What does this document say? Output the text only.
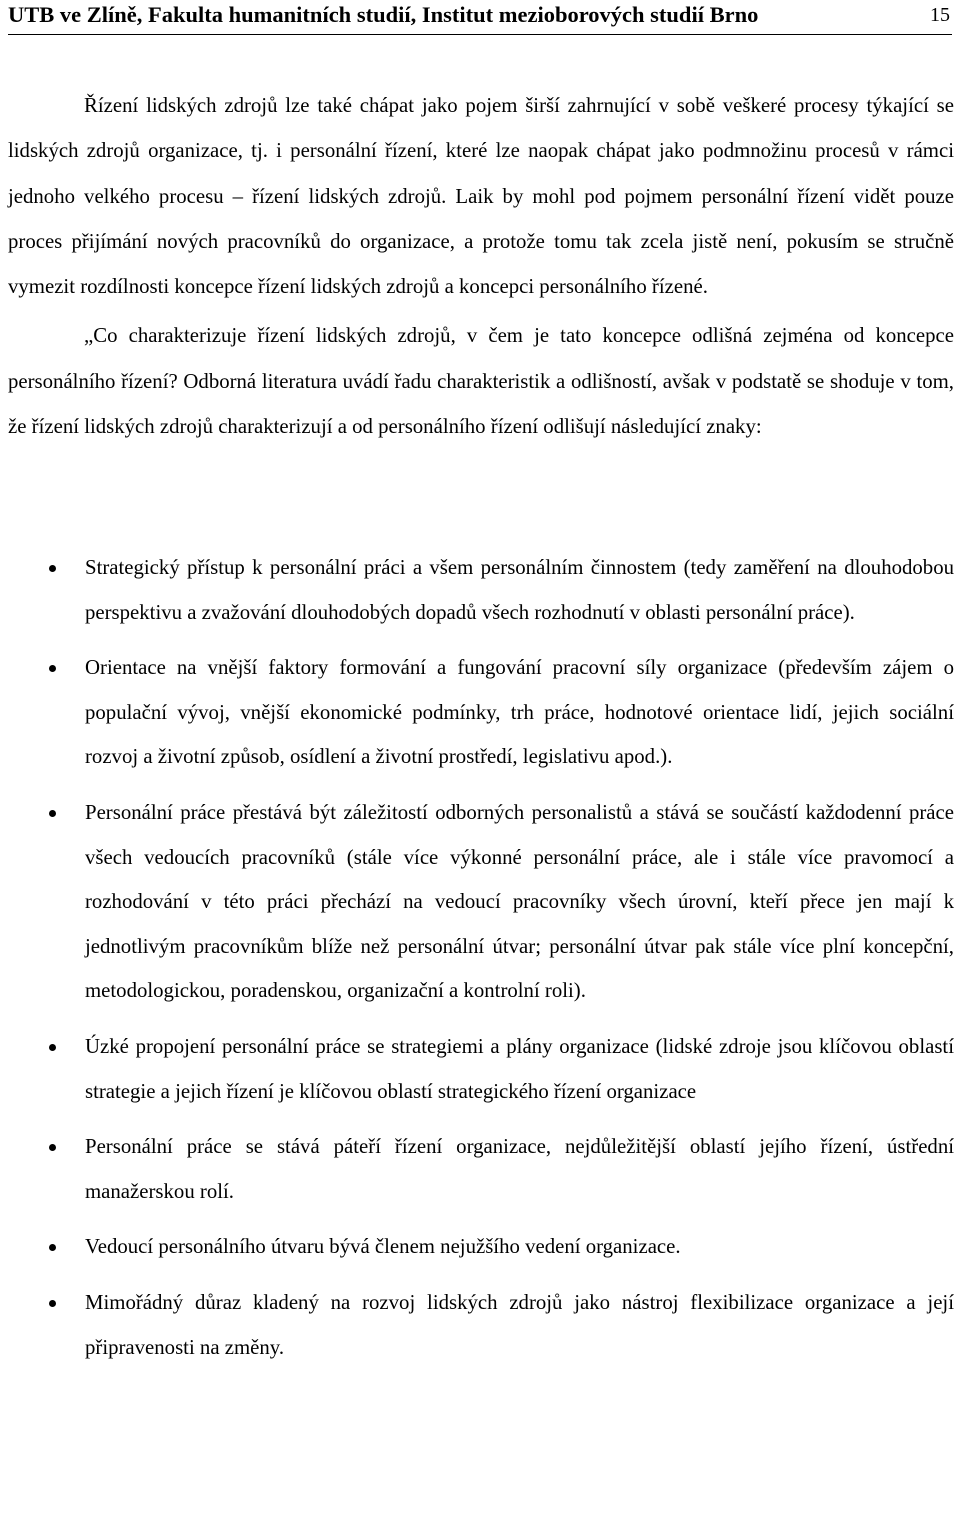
UTB ve Zlíně, Fakulta humanitních studií, Institut mezioborových studií Brno	15

Řízení lidských zdrojů lze také chápat jako pojem širší zahrnující v sobě veškeré procesy týkající se lidských zdrojů organizace, tj. i personální řízení, které lze naopak chápat jako podmnožinu procesů v rámci jednoho velkého procesu – řízení lidských zdrojů. Laik by mohl pod pojmem personální řízení vidět pouze proces přijímání nových pracovníků do organizace, a protože tomu tak zcela jistě není, pokusím se stručně vymezit rozdílnosti koncepce řízení lidských zdrojů a koncepci personálního řízené.

„Co charakterizuje řízení lidských zdrojů, v čem je tato koncepce odlišná zejména od koncepce personálního řízení? Odborná literatura uvádí řadu charakteristik a odlišností, avšak v podstatě se shoduje v tom, že řízení lidských zdrojů charakterizují a od personálního řízení odlišují následující znaky:

Strategický přístup k personální práci a všem personálním činnostem (tedy zaměření na dlouhodobou perspektivu a zvažování dlouhodobých dopadů všech rozhodnutí v oblasti personální práce).
Orientace na vnější faktory formování a fungování pracovní síly organizace (především zájem o populační vývoj, vnější ekonomické podmínky, trh práce, hodnotové orientace lidí, jejich sociální rozvoj a životní způsob, osídlení a životní prostředí, legislativu apod.).
Personální práce přestává být záležitostí odborných personalistů a stává se součástí každodenní práce všech vedoucích pracovníků (stále více výkonné personální práce, ale i stále více pravomocí a rozhodování v této práci přechází na vedoucí pracovníky všech úrovní, kteří přece jen mají k jednotlivým pracovníkům blíže než personální útvar; personální útvar pak stále více plní koncepční, metodologickou, poradenskou, organizační a kontrolní roli).
Úzké propojení personální práce se strategiemi a plány organizace (lidské zdroje jsou klíčovou oblastí strategie a jejich řízení je klíčovou oblastí strategického řízení organizace
Personální práce se stává páteří řízení organizace, nejdůležitější oblastí jejího řízení, ústřední manažerskou rolí.
Vedoucí personálního útvaru bývá členem nejužšího vedení organizace.
Mimořádný důraz kladený na rozvoj lidských zdrojů jako nástroj flexibilizace organizace a její připravenosti na změny.
